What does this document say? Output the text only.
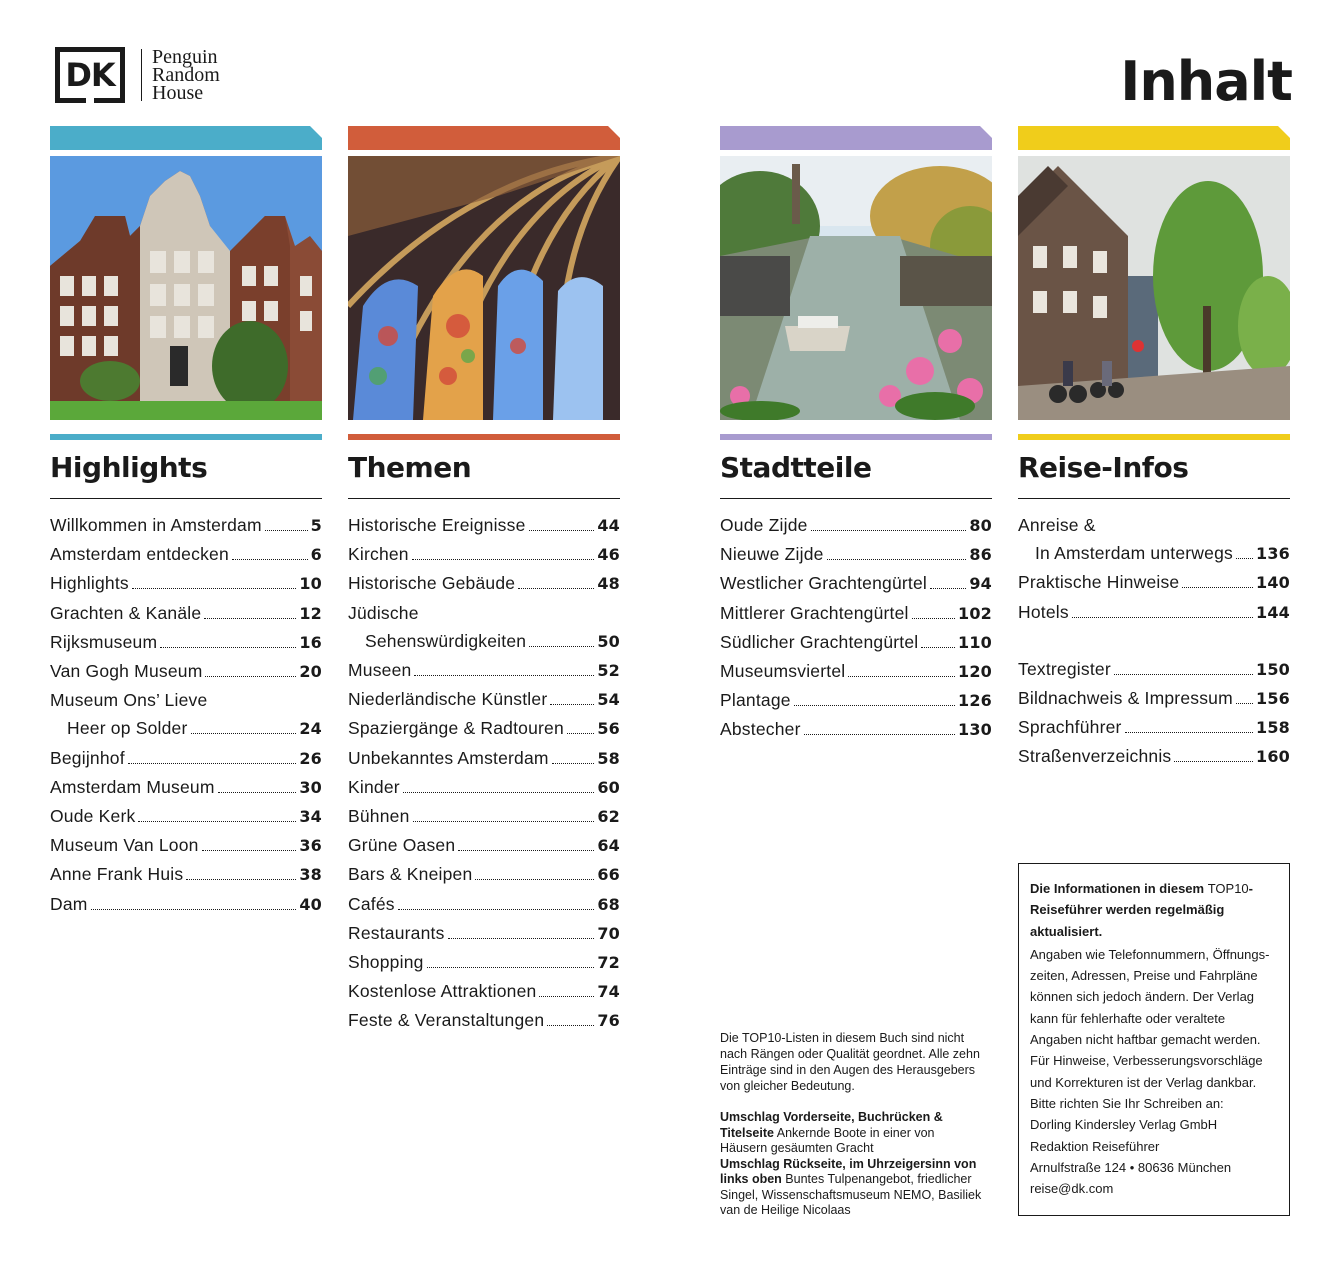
DK	Penguin
Random
House	Inhalt
Highlights
Willkommen in Amsterdam	5
Amsterdam entdecken	6
Highlights	10
Grachten & Kanäle	12
Rijksmuseum	16
Van Gogh Museum	20
Museum Ons’ Lieve
Heer op Solder	24
Begijnhof	26
Amsterdam Museum	30
Oude Kerk	34
Museum Van Loon	36
Anne Frank Huis	38
Dam	40
Themen
Historische Ereignisse	44
Kirchen	46
Historische Gebäude	48
Jüdische
Sehenswürdigkeiten	50
Museen	52
Niederländische Künstler	54
Spaziergänge & Radtouren 56
Unbekanntes Amsterdam	58
Kinder	60
Bühnen	62
Grüne Oasen	64
Bars & Kneipen	66
Cafés	68
Restaurants	70
Shopping	72
Kostenlose Attraktionen	74
Feste & Veranstaltungen	76
Stadtteile
Oude Zijde	80
Nieuwe Zijde	86
Westlicher Grachtengürtel	94
Mittlerer Grachtengürtel	102
Südlicher Grachtengürtel 110
Museumsviertel	120
Plantage	126
Abstecher	130
Reise-Infos
Anreise &
In Amsterdam unterwegs 136
Praktische Hinweise	140
Hotels	144
Textregister	150
Bildnachweis & Impressum 156
Sprachführer	158
Straßenverzeichnis	160

Die TOP10-Listen in diesem Buch sind nicht nach Rängen oder Qualität geordnet. Alle zehn Einträge sind in den Augen des Herausgebers von gleicher Bedeutung.

Umschlag Vorderseite, Buchrücken & Titelseite Ankernde Boote in einer von Häusern gesäumten Gracht
Umschlag Rückseite, im Uhrzeigersinn von links oben Buntes Tulpenangebot, friedlicher Singel, Wissenschaftsmuseum NEMO, Basiliek van de Heilige Nicolaas
Die Informationen in diesem TOP10-Reiseführer werden regelmäßig aktualisiert.
Angaben wie Telefonnummern, Öffnungszeiten, Adressen, Preise und Fahrpläne können sich jedoch ändern. Der Verlag kann für fehlerhafte oder veraltete Angaben nicht haftbar gemacht werden. Für Hinweise, Verbesserungsvorschläge und Korrekturen ist der Verlag dankbar. Bitte richten Sie Ihr Schreiben an:
Dorling Kindersley Verlag GmbH
Redaktion Reiseführer
Arnulfstraße 124 • 80636 München
reise@dk.com
